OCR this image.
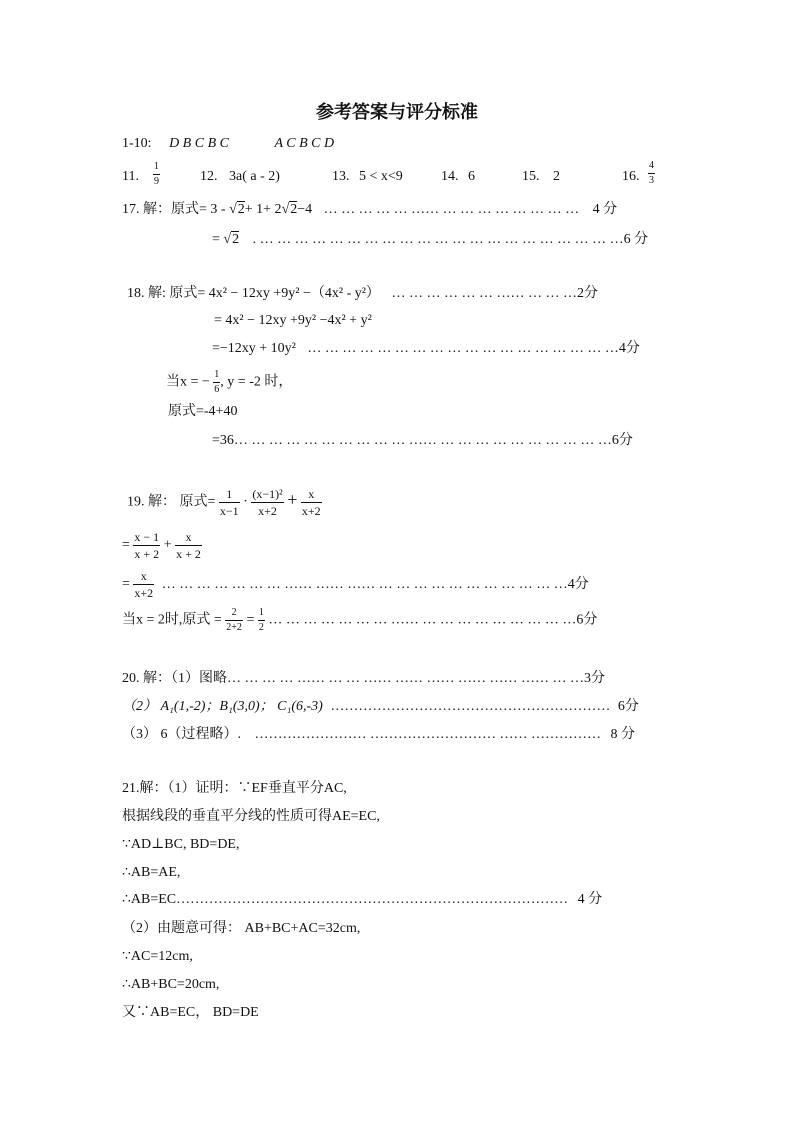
参考答案与评分标准
1-10: D B C B C	A C B C D
11. $\frac{1}{9}$	12. 3a( a - 2)	13. 5 < x<9	14. 6	15. 2	16. $\frac{4}{3}$
17. 解：原式= 3 - √2+ 1+ 2√2−4 … … … … … …… … … … … … … … … 4 分
= √2 . … … … … … … … … … … … … … … … … … … … … …6 分
18. 解: 原式= 4x² − 12xy +9y² −（4x² - y²） … … … … … … …… … … …2分
= 4x² − 12xy +9y² −4x² + y²
=−12xy + 10y² … … … … … … … … … … … … … … … … … …4分
当x = − $\frac{1}{6}$ , y = -2 时，
原式=-4+40
=36… … … … … … … … … … …… … … … … … … … … … …6分
19. 解： 原式= $\frac{1}{x-1} \cdot \frac{\text{(x−1)²}}{x+2} + \frac{x}{x+2}$
= $\frac{x - 1}{x + 2} + \frac{x}{x + 2}$
= $\frac{x}{x+2}$ … … … … … … … …… …… …… … … … … … … … … … … …4分
当x = 2时,原式 = $\frac{2}{2+2} = \frac{1}{2}$ … … … … … … … …… … … … … … … … … …6分
20. 解：（1）图略… … … … …… … … …… …… …… …… …… …… … …3分
（2） A₁(1,-2)；B₁(3,0)； C₁(6,-3) …………………………………………………… 6分
（3） 6（过程略）. …………………… ……………………… …… …………… 8 分
21.解：（1）证明：∵EF垂直平分AC,
根据线段的垂直平分线的性质可得AE=EC,
∵AD⊥BC, BD=DE,
∴AB=AE,
∴AB=EC………………………………………………………………………… 4 分
（2）由题意可得： AB+BC+AC=32cm,
∵AC=12cm,
∴AB+BC=20cm,
又∵AB=EC， BD=DE
